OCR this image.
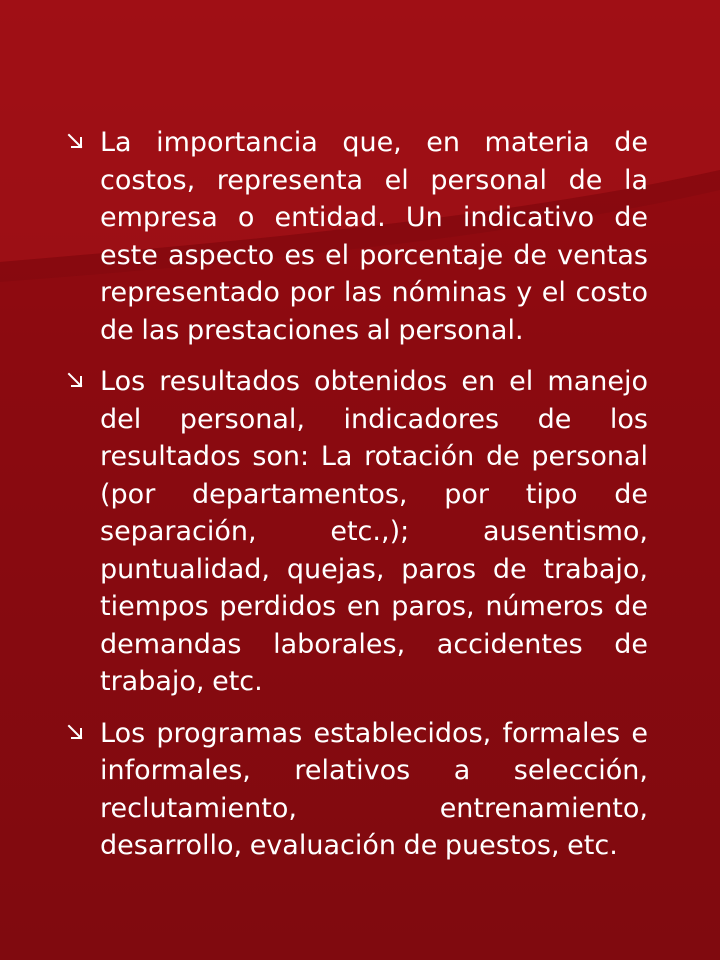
La importancia que, en materia de costos, representa el personal de la empresa o entidad. Un indicativo de este aspecto es el porcentaje de ventas representado por las nóminas y el costo de las prestaciones al personal.
Los resultados obtenidos en el manejo del personal, indicadores de los resultados son: La rotación de personal (por departamentos, por tipo de separación, etc.,); ausentismo, puntualidad, quejas, paros de trabajo, tiempos perdidos en paros, números de demandas laborales, accidentes de trabajo, etc.
Los programas establecidos, formales e informales, relativos a selección, reclutamiento, entrenamiento, desarrollo, evaluación de puestos, etc.
